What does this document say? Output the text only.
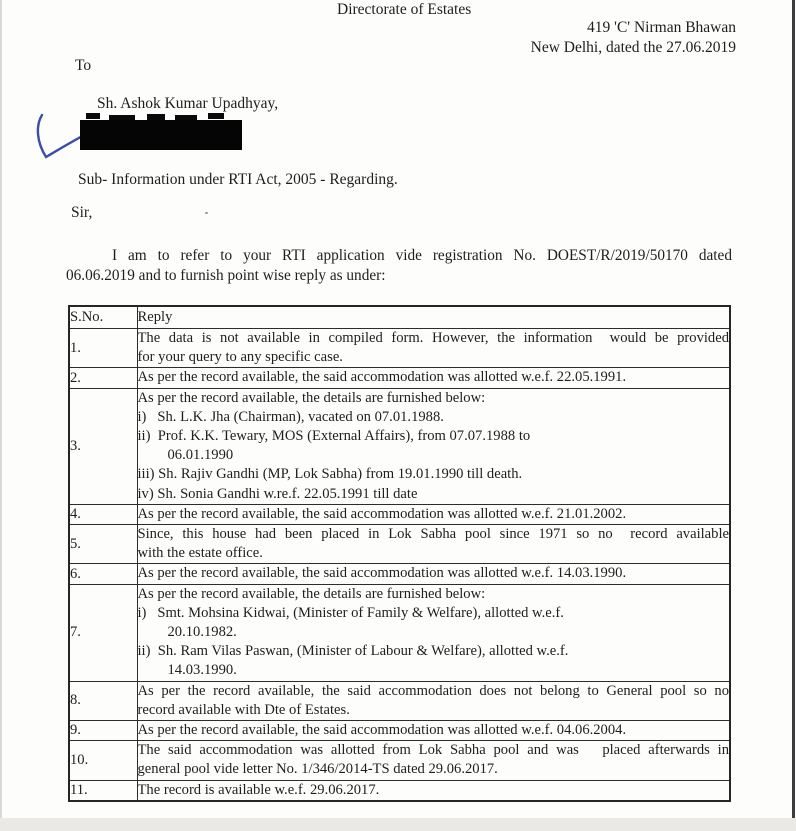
Directorate of Estates
419 'C' Nirman Bhawan
New Delhi, dated the 27.06.2019
To
Sh. Ashok Kumar Upadhyay,
Sub- Information under RTI Act, 2005 - Regarding.
Sir,
I am to refer to your RTI application vide registration No. DOEST/R/2019/50170 dated
06.06.2019 and to furnish point wise reply as under:
S.No.	Reply
1.	The data is not available in compiled form. However, the information  would be provided
for your query to any specific case.

2.	As per the record available, the said accommodation was allotted w.e.f. 22.05.1991.

3.	
As per the record available, the details are furnished below:
i)   Sh. L.K. Jha (Chairman), vacated on 07.01.1988.
ii)  Prof. K.K. Tewary, MOS (External Affairs), from 07.07.1988 to
06.01.1990
iii) Sh. Rajiv Gandhi (MP, Lok Sabha) from 19.01.1990 till death.
iv) Sh. Sonia Gandhi w.re.f. 22.05.1991 till date

4.	As per the record available, the said accommodation was allotted w.e.f. 21.01.2002.

5.	Since, this house had been placed in Lok Sabha pool since 1971 so no  record available
with the estate office.

6.	As per the record available, the said accommodation was allotted w.e.f. 14.03.1990.

7.	As per the record available, the details are furnished below:
i)   Smt. Mohsina Kidwai, (Minister of Family & Welfare), allotted w.e.f.
20.10.1982.
ii)  Sh. Ram Vilas Paswan, (Minister of Labour & Welfare), allotted w.e.f.
14.03.1990.

8.	As per the record available, the said accommodation does not belong to General pool so no
record available with Dte of Estates.

9.	As per the record available, the said accommodation was allotted w.e.f. 04.06.2004.

10.	The said accommodation was allotted from Lok Sabha pool and was   placed afterwards in
general pool vide letter No. 1/346/2014-TS dated 29.06.2017.

11.	The record is available w.e.f. 29.06.2017.
